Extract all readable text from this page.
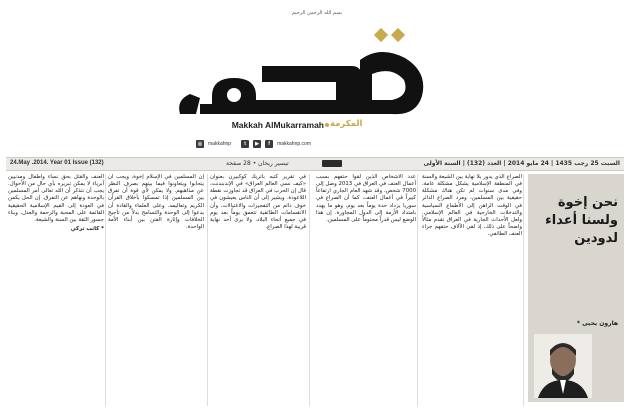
بسم الله الرحمن الرحيم
Makkah AlMukarramah المكرمة
◎	makkahnp	t	▶	f	makkahnp.com
24.May .2014. Year 01 Issue (132)	تيسير ريحان • 28 صفحة	السبت 25 رجب 1435 | 24 مايو 2014 | العدد (132) | السنة الأولى
نحن إخوة ولسنا أعداء لدودين
هارون يحيى *

الصراع الذي يدور بلا نهاية بين الشيعة والسنة في المنطقة الإسلامية يشكل مشكلة عامة، وفي مدى سنوات لم تكن هناك مشكلة حقيقية بين المسلمين، ومرد الصراع الدائر في الوقت الراهن إلى الأطماع السياسية والتدخلات الخارجية في العالم الإسلامي. ولعل الأحداث الجارية في العراق تقدم مثالاً واضحاً على ذلك، إذ لقي الآلاف حتفهم جراء العنف الطائفي.

عدد الأشخاص الذين لقوا حتفهم بسبب أعمال العنف في العراق في 2013 وصل إلى 7000 شخص، وقد شهد العام الجاري ارتفاعاً كبيراً في أعمال العنف، كما أن الصراع في سوريا يزداد حدة يوماً بعد يوم، وهو ما يهدد بامتداد الأزمة إلى الدول المجاورة. إن هذا الوضع ليس قدراً محتوماً على المسلمين.

في تقرير كتبه باتريك كوكبيرن بعنوان «كيف نسي العالم العراق» في الإندبندنت، قال إن الحرب في العراق قد تجاوزت نقطة اللاعودة. ويشير إلى أن الناس يعيشون في خوف دائم من التفجيرات والاغتيالات، وأن الانقسامات الطائفية تتعمق يوماً بعد يوم في جميع أنحاء البلاد، ولا يرى أحد نهاية قريبة لهذا الصراع.

إن المسلمين في الإسلام إخوة، ويجب أن يتحابوا ويتعاونوا فيما بينهم بصرف النظر عن مذاهبهم. ولا يمكن لأي قوة أن تفرق بين المسلمين إذا تمسكوا بأخلاق القرآن الكريم وتعاليمه. وعلى العلماء والقادة أن يدعوا إلى الوحدة والتسامح بدلاً من تأجيج الخلافات وإثارة الفتن بين أبناء الأمة الواحدة.

العنف والقتل بحق نساء وأطفال ومدنيين أبرياء لا يمكن تبريره بأي حال من الأحوال. يجب أن نتذكر أن الله تعالى أمر المسلمين بالوحدة ونهاهم عن التفرق. إن الحل يكمن في العودة إلى القيم الإسلامية الحقيقية القائمة على المحبة والرحمة والعدل، وبناء جسور الثقة بين السنة والشيعة.

* كاتب تركي
